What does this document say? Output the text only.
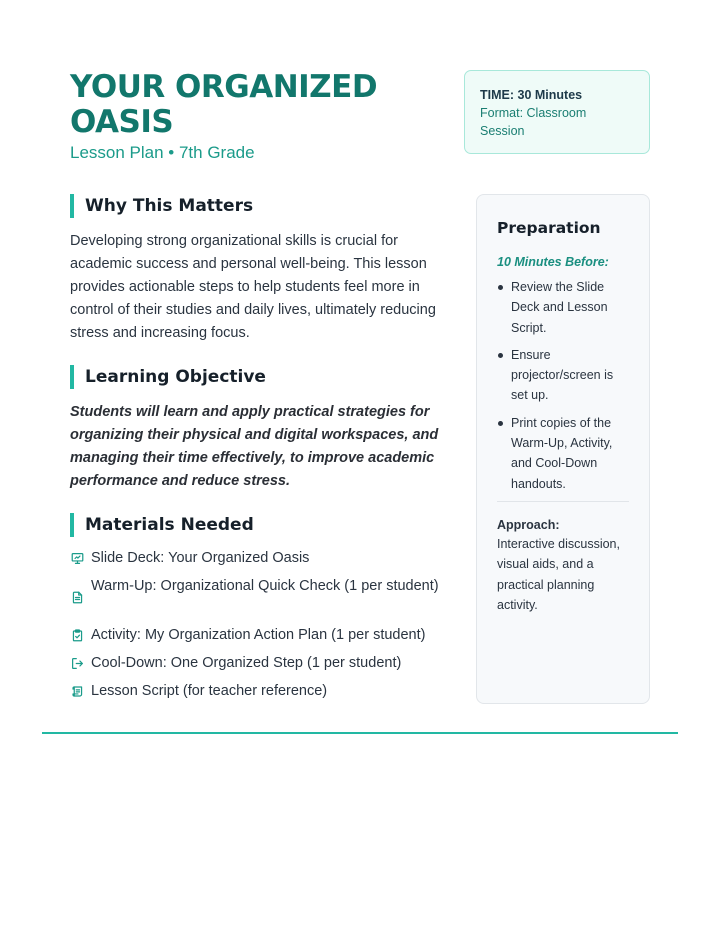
YOUR ORGANIZED OASIS
Lesson Plan • 7th Grade
TIME: 30 Minutes
Format: Classroom Session
Why This Matters
Developing strong organizational skills is crucial for academic success and personal well-being. This lesson provides actionable steps to help students feel more in control of their studies and daily lives, ultimately reducing stress and increasing focus.
Learning Objective
Students will learn and apply practical strategies for organizing their physical and digital workspaces, and managing their time effectively, to improve academic performance and reduce stress.
Materials Needed
Slide Deck: Your Organized Oasis
Warm-Up: Organizational Quick Check (1 per student)
Activity: My Organization Action Plan (1 per student)
Cool-Down: One Organized Step (1 per student)
Lesson Script (for teacher reference)
Preparation
10 Minutes Before:
Review the Slide Deck and Lesson Script.
Ensure projector/screen is set up.
Print copies of the Warm-Up, Activity, and Cool-Down handouts.
Approach:
Interactive discussion, visual aids, and a practical planning activity.
